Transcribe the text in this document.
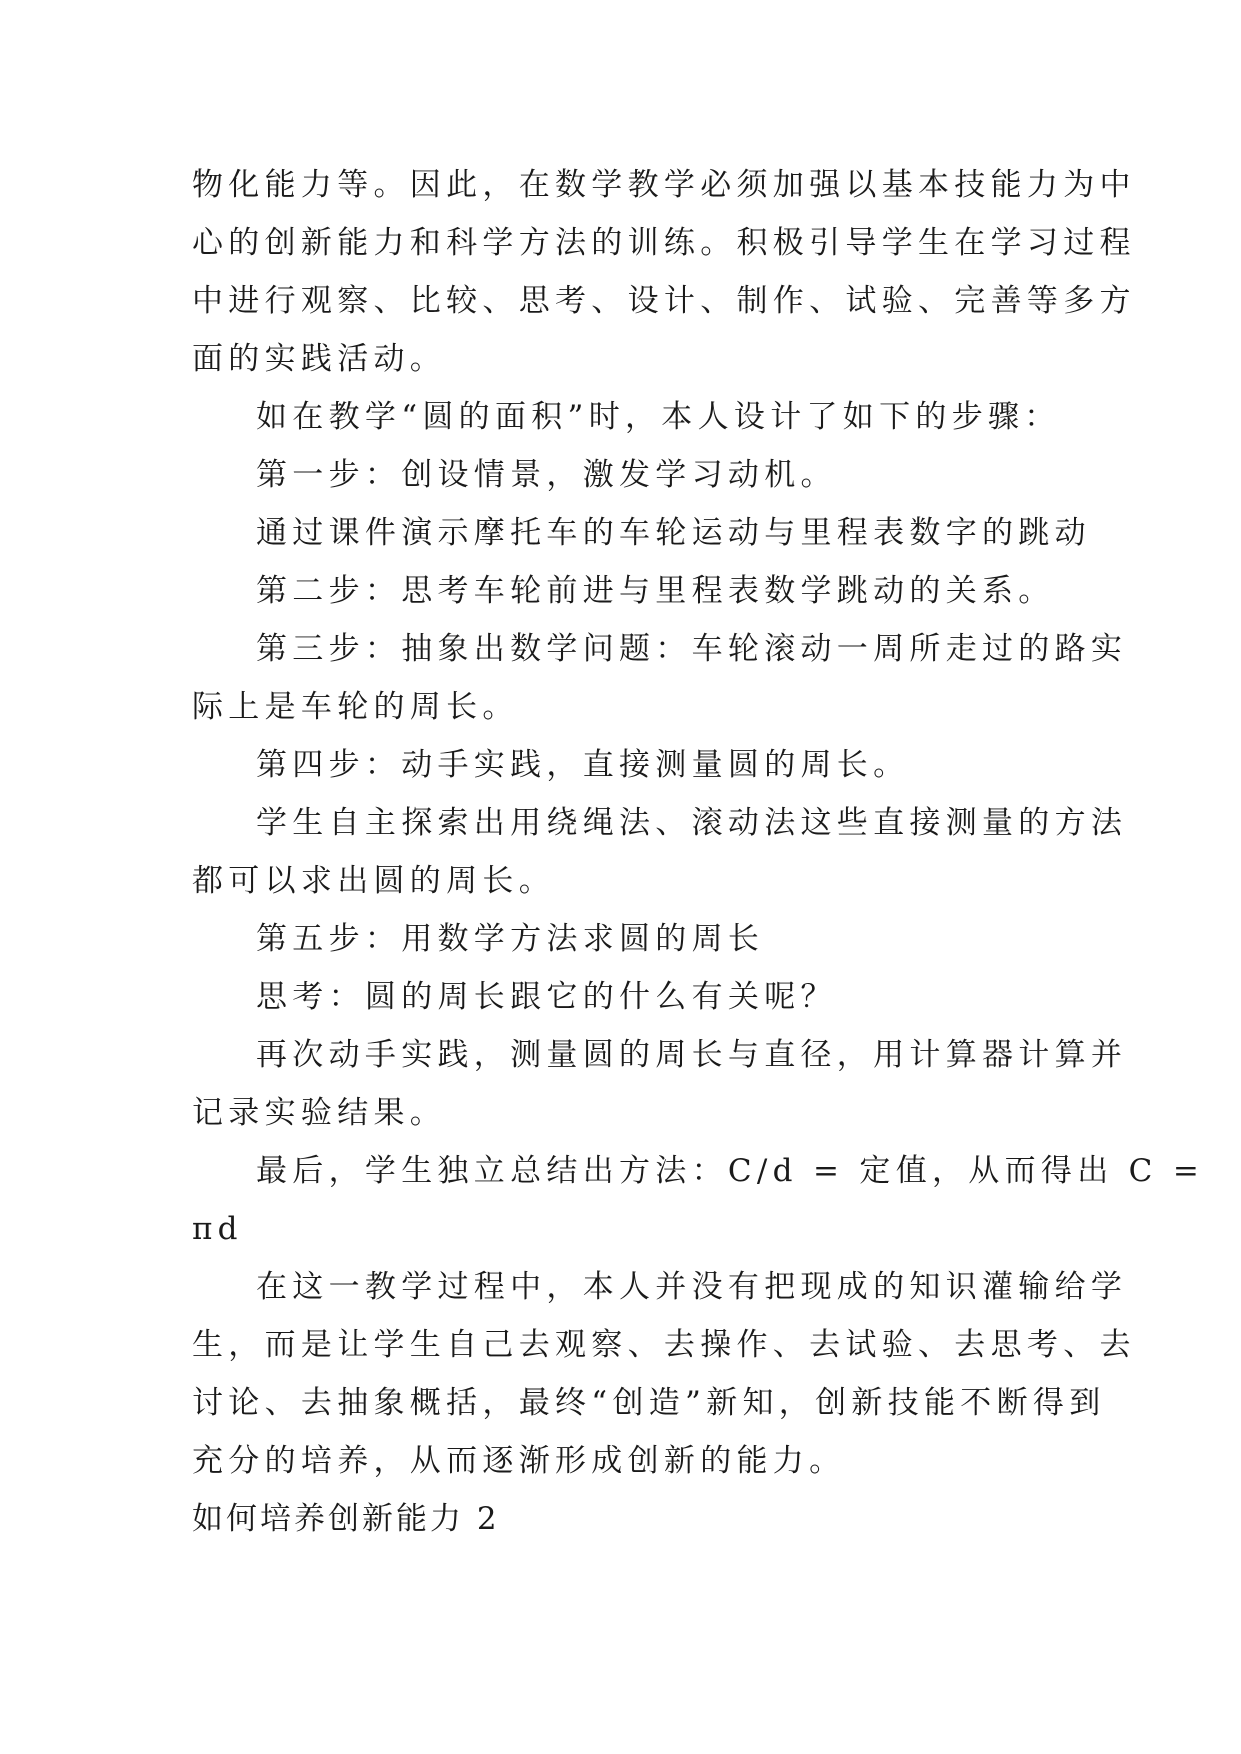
物化能力等。因此，在数学教学必须加强以基本技能力为中
心的创新能力和科学方法的训练。积极引导学生在学习过程
中进行观察、比较、思考、设计、制作、试验、完善等多方
面的实践活动。
如在教学“圆的面积”时，本人设计了如下的步骤：
第一步：创设情景，激发学习动机。
通过课件演示摩托车的车轮运动与里程表数字的跳动
第二步：思考车轮前进与里程表数学跳动的关系。
第三步：抽象出数学问题：车轮滚动一周所走过的路实
际上是车轮的周长。
第四步：动手实践，直接测量圆的周长。
学生自主探索出用绕绳法、滚动法这些直接测量的方法
都可以求出圆的周长。
第五步：用数学方法求圆的周长
思考：圆的周长跟它的什么有关呢？
再次动手实践，测量圆的周长与直径，用计算器计算并
记录实验结果。
最后，学生独立总结出方法：C/d = 定值，从而得出 C =
πd
在这一教学过程中，本人并没有把现成的知识灌输给学
生，而是让学生自己去观察、去操作、去试验、去思考、去
讨论、去抽象概括，最终“创造”新知，创新技能不断得到
充分的培养，从而逐渐形成创新的能力。
如何培养创新能力 2
